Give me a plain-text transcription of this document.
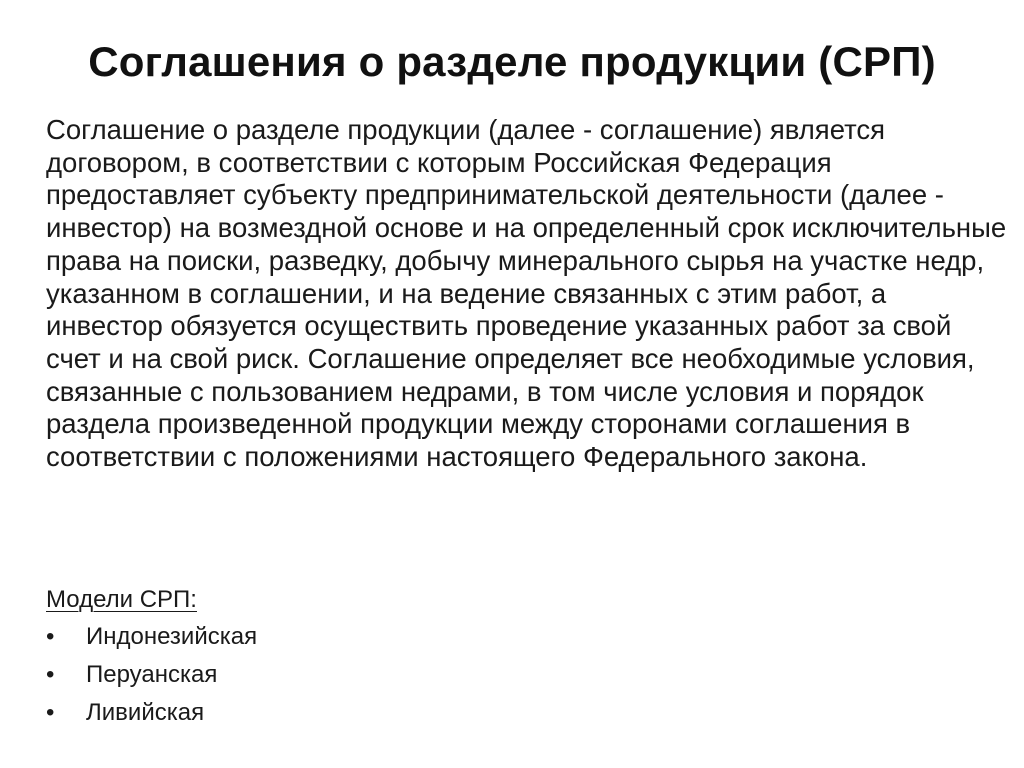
Соглашения о разделе продукции (СРП)

Соглашение о разделе продукции (далее - соглашение) является договором, в соответствии с которым Российская Федерация предоставляет субъекту предпринимательской деятельности (далее - инвестор) на возмездной основе и на определенный срок исключительные права на поиски, разведку, добычу минерального сырья на участке недр, указанном в соглашении, и на ведение связанных с этим работ, а инвестор обязуется осуществить проведение указанных работ за свой счет и на свой риск. Соглашение определяет все необходимые условия, связанные с пользованием недрами, в том числе условия и порядок раздела произведенной продукции между сторонами соглашения в соответствии с положениями настоящего Федерального закона.

Модели СРП:
•	Индонезийская
•	Перуанская
•	Ливийская
